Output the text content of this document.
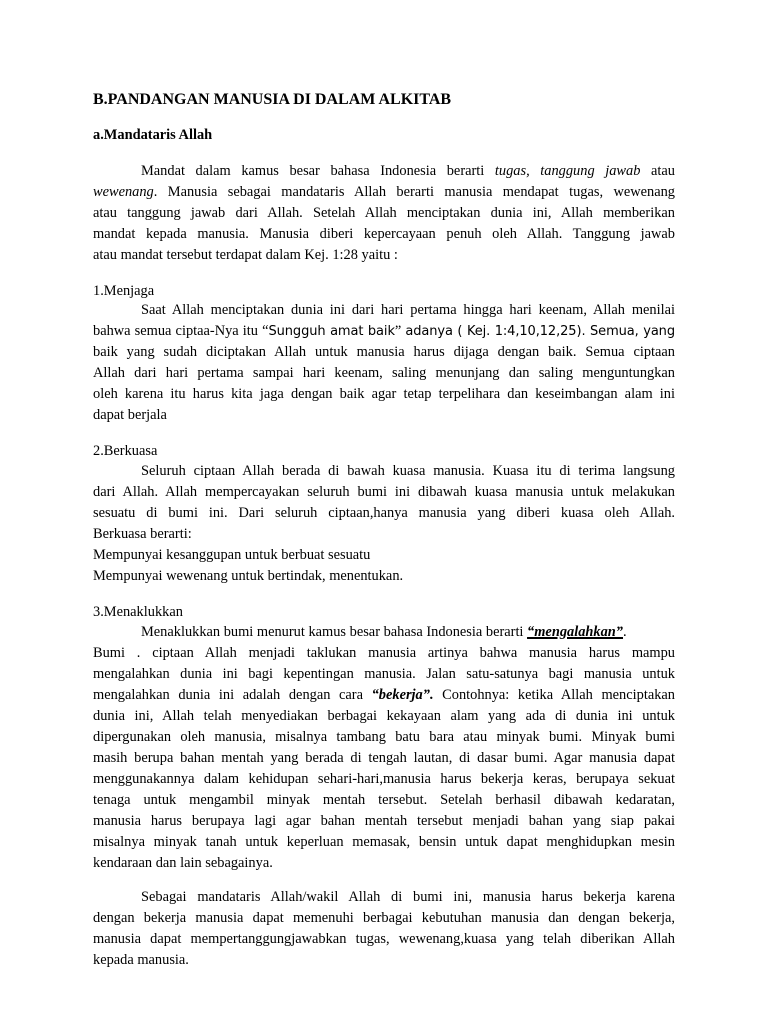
B.PANDANGAN MANUSIA DI DALAM ALKITAB
a.Mandataris Allah
Mandat dalam kamus besar bahasa Indonesia berarti tugas, tanggung jawab atau
wewenang. Manusia sebagai mandataris Allah berarti manusia mendapat tugas, wewenang
atau tanggung jawab dari Allah. Setelah Allah menciptakan dunia ini, Allah memberikan
mandat kepada manusia. Manusia diberi kepercayaan penuh oleh Allah. Tanggung jawab
atau mandat tersebut terdapat dalam Kej. 1:28 yaitu :
1.Menjaga
Saat Allah menciptakan dunia ini dari hari pertama hingga hari keenam, Allah menilai
bahwa semua ciptaa-Nya itu “Sungguh amat baik” adanya ( Kej. 1:4,10,12,25). Semua, yang
baik yang sudah diciptakan Allah untuk manusia harus dijaga dengan baik. Semua ciptaan
Allah dari hari pertama sampai hari keenam, saling menunjang dan saling menguntungkan
oleh karena itu harus kita jaga dengan baik agar tetap terpelihara dan keseimbangan alam ini
dapat berjala
2.Berkuasa
Seluruh ciptaan Allah berada di bawah kuasa manusia. Kuasa itu di terima langsung
dari Allah. Allah mempercayakan seluruh bumi ini dibawah kuasa manusia untuk melakukan
sesuatu di bumi ini. Dari seluruh ciptaan,hanya manusia yang diberi kuasa oleh Allah.
Berkuasa berarti:
Mempunyai kesanggupan untuk berbuat sesuatu
Mempunyai wewenang untuk bertindak, menentukan.
3.Menaklukkan
Menaklukkan bumi menurut kamus besar bahasa Indonesia berarti “mengalahkan”.
Bumi . ciptaan Allah menjadi taklukan manusia artinya bahwa manusia harus mampu
mengalahkan dunia ini bagi kepentingan manusia. Jalan satu-satunya bagi manusia untuk
mengalahkan dunia ini adalah dengan cara “bekerja”. Contohnya: ketika Allah menciptakan
dunia ini, Allah telah menyediakan berbagai kekayaan alam yang ada di dunia ini untuk
dipergunakan oleh manusia, misalnya tambang batu bara atau minyak bumi. Minyak bumi
masih berupa bahan mentah yang berada di tengah lautan, di dasar bumi. Agar manusia dapat
menggunakannya dalam kehidupan sehari-hari,manusia harus bekerja keras, berupaya sekuat
tenaga untuk mengambil minyak mentah tersebut. Setelah berhasil dibawah kedaratan,
manusia harus berupaya lagi agar bahan mentah tersebut menjadi bahan yang siap pakai
misalnya minyak tanah untuk keperluan memasak, bensin untuk dapat menghidupkan mesin
kendaraan dan lain sebagainya.
Sebagai mandataris Allah/wakil Allah di bumi ini, manusia harus bekerja karena
dengan bekerja manusia dapat memenuhi berbagai kebutuhan manusia dan dengan bekerja,
manusia dapat mempertanggungjawabkan tugas, wewenang,kuasa yang telah diberikan Allah
kepada manusia.
